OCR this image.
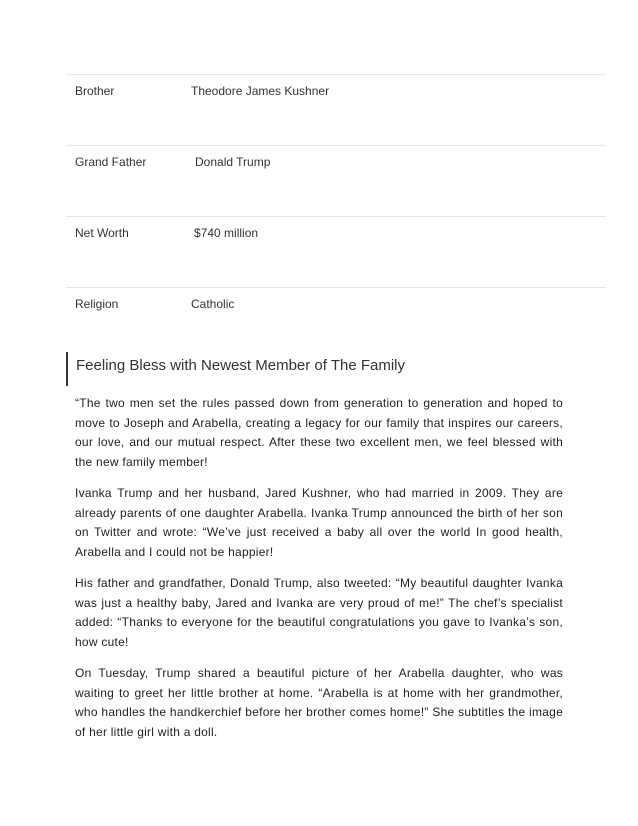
Brother	Theodore James Kushner
Grand Father	Donald Trump
Net Worth	$740 million
Religion	Catholic
Feeling Bless with Newest Member of The Family

“The two men set the rules passed down from generation to generation and hoped to move to Joseph and Arabella, creating a legacy for our family that inspires our careers, our love, and our mutual respect. After these two excellent men, we feel blessed with the new family member!

Ivanka Trump and her husband, Jared Kushner, who had married in 2009. They are already parents of one daughter Arabella. Ivanka Trump announced the birth of her son on Twitter and wrote: “We’ve just received a baby all over the world In good health, Arabella and I could not be happier!

His father and grandfather, Donald Trump, also tweeted: “My beautiful daughter Ivanka was just a healthy baby, Jared and Ivanka are very proud of me!” The chef’s specialist added: “Thanks to everyone for the beautiful congratulations you gave to Ivanka’s son, how cute!

On Tuesday, Trump shared a beautiful picture of her Arabella daughter, who was waiting to greet her little brother at home. “Arabella is at home with her grandmother, who handles the handkerchief before her brother comes home!” She subtitles the image of her little girl with a doll.
